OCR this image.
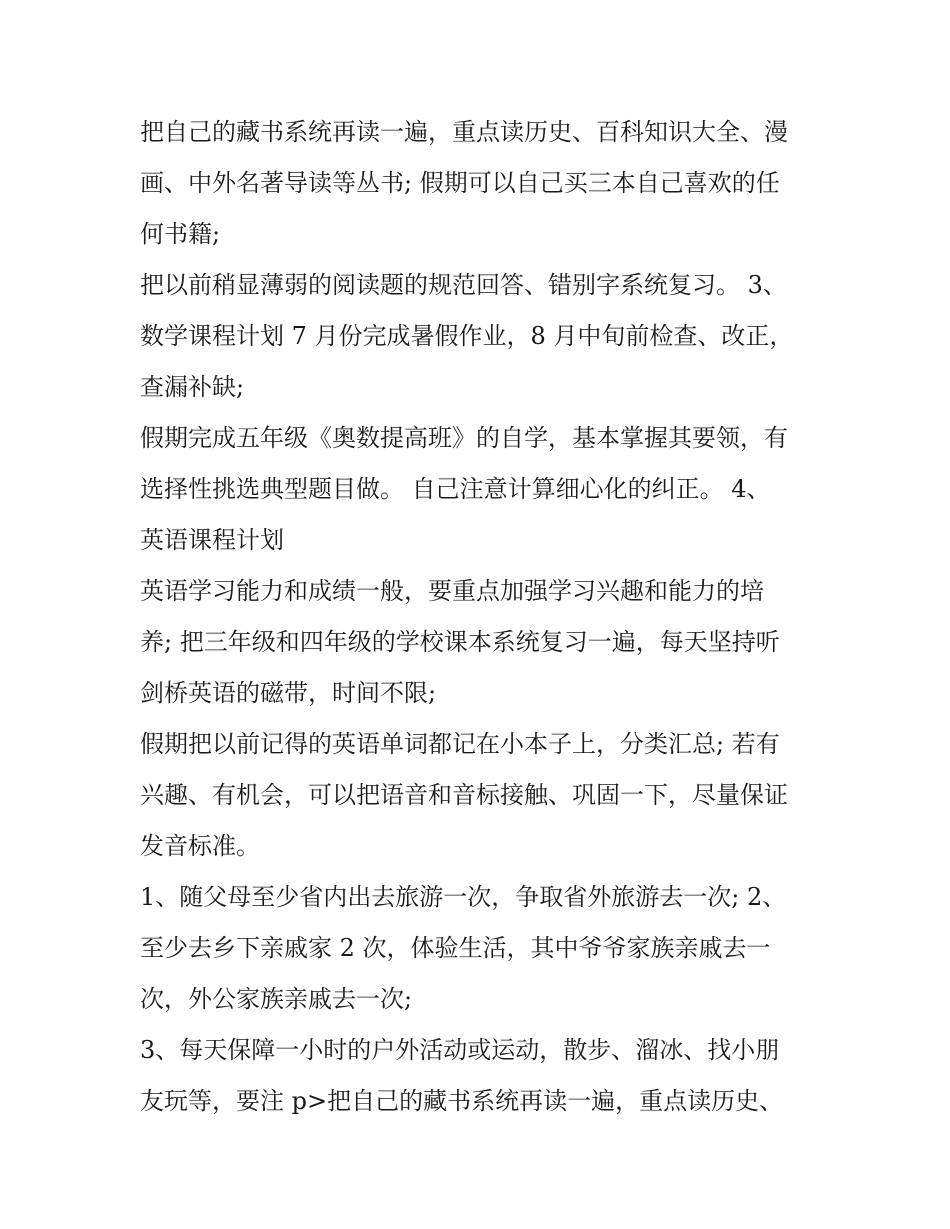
把自己的藏书系统再读一遍，重点读历史、百科知识大全、漫
画、中外名著导读等丛书; 假期可以自己买三本自己喜欢的任
何书籍;
把以前稍显薄弱的阅读题的规范回答、错别字系统复习。 3、
数学课程计划 7 月份完成暑假作业，8 月中旬前检查、改正，
查漏补缺;
假期完成五年级《奥数提高班》的自学，基本掌握其要领，有
选择性挑选典型题目做。 自己注意计算细心化的纠正。 4、
英语课程计划
英语学习能力和成绩一般，要重点加强学习兴趣和能力的培
养; 把三年级和四年级的学校课本系统复习一遍，每天坚持听
剑桥英语的磁带，时间不限;
假期把以前记得的英语单词都记在小本子上，分类汇总; 若有
兴趣、有机会，可以把语音和音标接触、巩固一下，尽量保证
发音标准。
1、随父母至少省内出去旅游一次，争取省外旅游去一次; 2、
至少去乡下亲戚家 2 次，体验生活，其中爷爷家族亲戚去一
次，外公家族亲戚去一次;
3、每天保障一小时的户外活动或运动，散步、溜冰、找小朋
友玩等，要注 p>把自己的藏书系统再读一遍，重点读历史、
